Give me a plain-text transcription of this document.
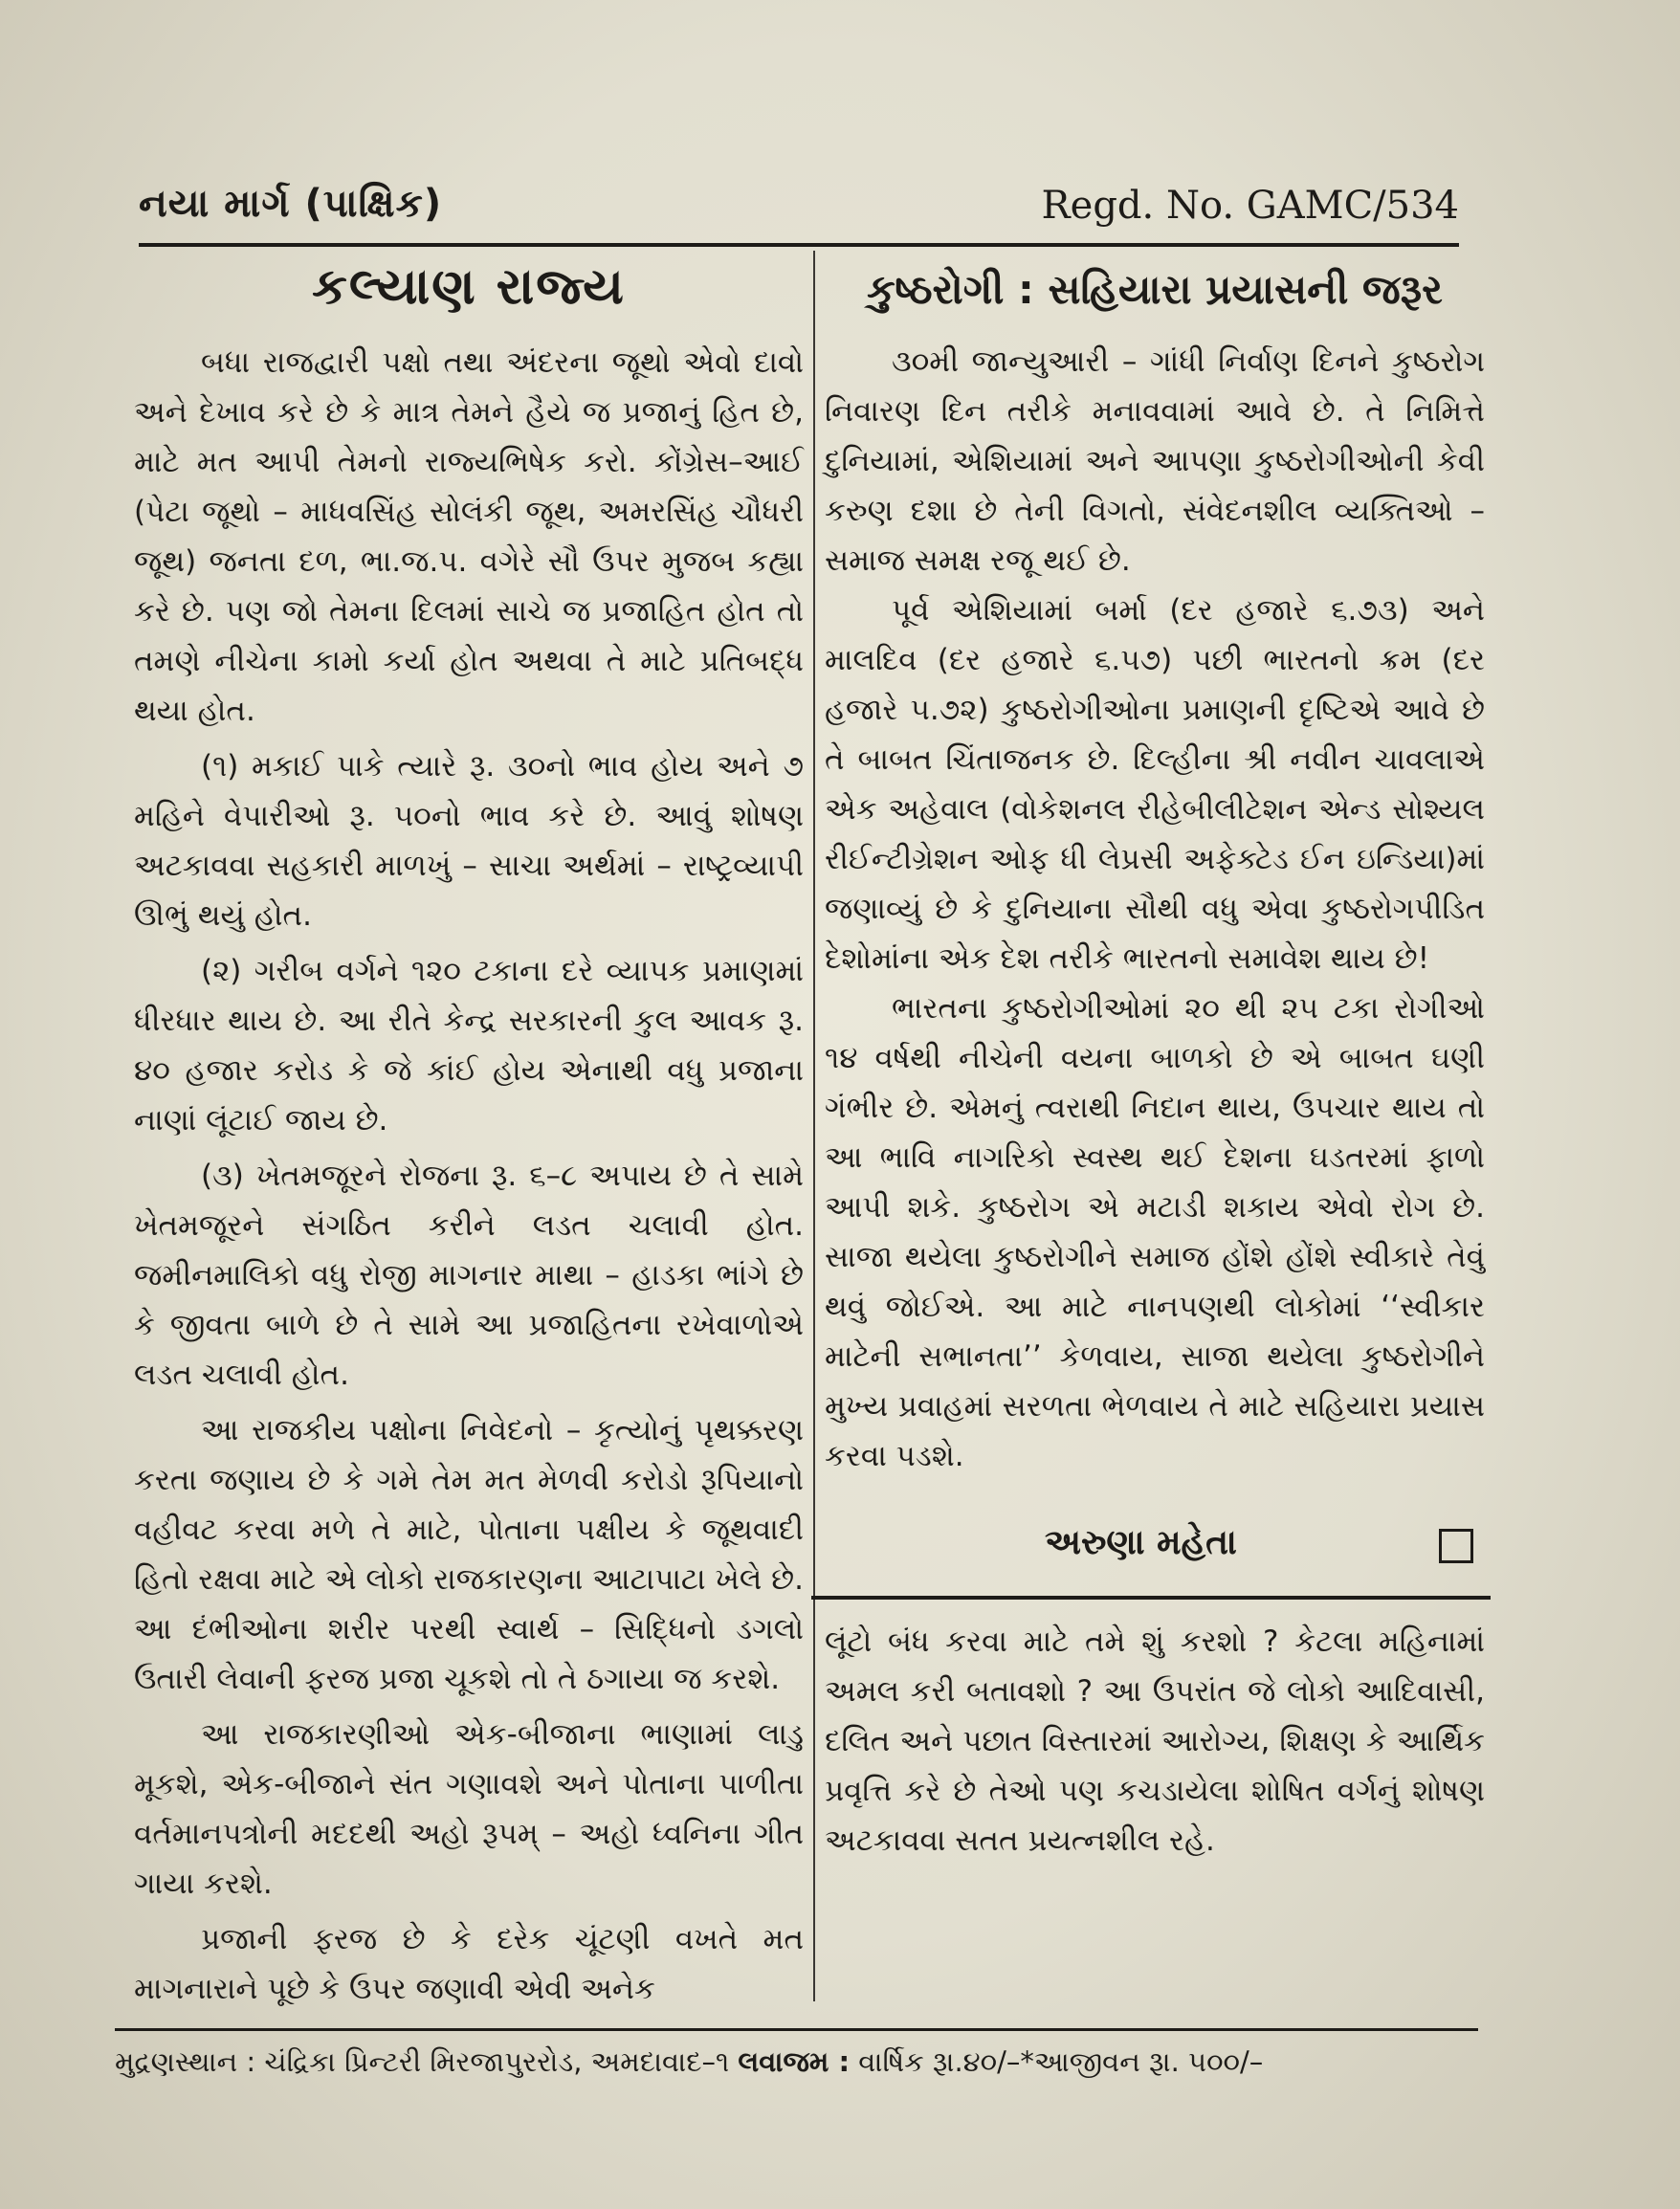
નયા માર્ગ (પાક્ષિક)	Regd. No. GAMC/534
કલ્યાણ રાજ્ય

બધા રાજદ્વારી પક્ષો તથા અંદરના જૂથો એવો દાવો અને દેખાવ કરે છે કે માત્ર તેમને હૈયે જ પ્રજાનું હિત છે, માટે મત આપી તેમનો રાજ્યભિષેક કરો. કોંગ્રેસ–આઈ (પેટા જૂથો – માધવસિંહ સોલંકી જૂથ, અમરસિંહ ચૌધરી જૂથ) જનતા દળ, ભા.જ.પ. વગેરે સૌ ઉપર મુજબ કહ્યા કરે છે. પણ જો તેમના દિલમાં સાચે જ પ્રજાહિત હોત તો તમણે નીચેના કામો કર્યા હોત અથવા તે માટે પ્રતિબદ્ધ થયા હોત.

(૧) મકાઈ પાકે ત્યારે રૂ. ૩૦નો ભાવ હોય અને ૭ મહિને વેપારીઓ રૂ. ૫૦નો ભાવ કરે છે. આવું શોષણ અટકાવવા સહકારી માળખું – સાચા અર્થમાં – રાષ્ટ્રવ્યાપી ઊભું થયું હોત.

(૨) ગરીબ વર્ગને ૧૨૦ ટકાના દરે વ્યાપક પ્રમાણમાં ધીરધાર થાય છે. આ રીતે કેન્દ્ર સરકારની કુલ આવક રૂ. ૪૦ હજાર કરોડ કે જે કાંઈ હોય એનાથી વધુ પ્રજાના નાણાં લૂંટાઈ જાય છે.

(૩) ખેતમજૂરને રોજના રૂ. ૬–૮ અપાય છે તે સામે ખેતમજૂરને સંગઠિત કરીને લડત ચલાવી હોત. જમીનમાલિકો વધુ રોજી માગનાર માથા – હાડકા ભાંગે છે કે જીવતા બાળે છે તે સામે આ પ્રજાહિતના રખેવાળોએ લડત ચલાવી હોત.

આ રાજકીય પક્ષોના નિવેદનો – કૃત્યોનું પૃથક્કરણ કરતા જણાય છે કે ગમે તેમ મત મેળવી કરોડો રૂપિયાનો વહીવટ કરવા મળે તે માટે, પોતાના પક્ષીય કે જૂથવાદી હિતો રક્ષવા માટે એ લોકો રાજકારણના આટાપાટા ખેલે છે. આ દંભીઓના શરીર પરથી સ્વાર્થ – સિદ્ધિનો ડગલો ઉતારી લેવાની ફરજ પ્રજા ચૂકશે તો તે ઠગાયા જ કરશે.

આ રાજકારણીઓ એક-બીજાના ભાણામાં લાડુ મૂકશે, એક-બીજાને સંત ગણાવશે અને પોતાના પાળીતા વર્તમાનપત્રોની મદદથી અહો રૂપમ્ – અહો ધ્વનિના ગીત ગાયા કરશે.

પ્રજાની ફરજ છે કે દરેક ચૂંટણી વખતે મત માગનારાને પૂછે કે ઉપર જણાવી એવી અનેક

કુષ્ઠરોગી : સહિયારા પ્રયાસની જરૂર

૩૦મી જાન્યુઆરી – ગાંધી નિર્વાણ દિનને કુષ્ઠરોગ નિવારણ દિન તરીકે મનાવવામાં આવે છે. તે નિમિત્તે દુનિયામાં, એશિયામાં અને આપણા કુષ્ઠરોગીઓની કેવી કરુણ દશા છે તેની વિગતો, સંવેદનશીલ વ્યક્તિઓ – સમાજ સમક્ષ રજૂ થઈ છે.

પૂર્વ એશિયામાં બર્મા (દર હજારે ૬.૭૩) અને માલદિવ (દર હજારે ૬.૫૭) પછી ભારતનો ક્રમ (દર હજારે ૫.૭૨) કુષ્ઠરોગીઓના પ્રમાણની દૃષ્ટિએ આવે છે તે બાબત ચિંતાજનક છે. દિલ્હીના શ્રી નવીન ચાવલાએ એક અહેવાલ (વોકેશનલ રીહેબીલીટેશન એન્ડ સોશ્યલ રીઈન્ટીગ્રેશન ઓફ ધી લેપ્રસી અફેક્ટેડ ઈન ઇન્ડિયા)માં જણાવ્યું છે કે દુનિયાના સૌથી વધુ એવા કુષ્ઠરોગપીડિત દેશોમાંના એક દેશ તરીકે ભારતનો સમાવેશ થાય છે!

ભારતના કુષ્ઠરોગીઓમાં ૨૦ થી ૨૫ ટકા રોગીઓ ૧૪ વર્ષથી નીચેની વયના બાળકો છે એ બાબત ઘણી ગંભીર છે. એમનું ત્વરાથી નિદાન થાય, ઉપચાર થાય તો આ ભાવિ નાગરિકો સ્વસ્થ થઈ દેશના ઘડતરમાં ફાળો આપી શકે. કુષ્ઠરોગ એ મટાડી શકાય એવો રોગ છે. સાજા થયેલા કુષ્ઠરોગીને સમાજ હોંશે હોંશે સ્વીકારે તેવું થવું જોઈએ. આ માટે નાનપણથી લોકોમાં ‘‘સ્વીકાર માટેની સભાનતા’’ કેળવાય, સાજા થયેલા કુષ્ઠરોગીને મુખ્ય પ્રવાહમાં સરળતા ભેળવાય તે માટે સહિયારા પ્રયાસ કરવા પડશે.

અરુણા મહેતા

લૂંટો બંધ કરવા માટે તમે શું કરશો ? કેટલા મહિનામાં અમલ કરી બતાવશો ? આ ઉપરાંત જે લોકો આદિવાસી, દલિત અને પછાત વિસ્તારમાં આરોગ્ય, શિક્ષણ કે આર્થિક પ્રવૃત્તિ કરે છે તેઓ પણ કચડાયેલા શોષિત વર્ગનું શોષણ અટકાવવા સતત પ્રયત્નશીલ રહે.

મુદ્રણસ્થાન : ચંદ્રિકા પ્રિન્ટરી મિરજાપુરરોડ, અમદાવાદ–૧ લવાજમ : વાર્ષિક રૂા.૪૦/–*આજીવન રૂા. ૫૦૦/–
